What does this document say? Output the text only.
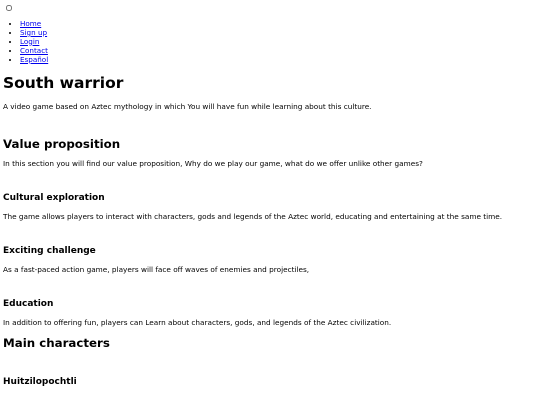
• Home
• Sign up
• Login
• Contact
• Español
South warrior

A video game based on Aztec mythology in which You will have fun while learning about this culture.

Value proposition

In this section you will find our value proposition, Why do we play our game, what do we offer unlike other games?

Cultural exploration

The game allows players to interact with characters, gods and legends of the Aztec world, educating and entertaining at the same time.

Exciting challenge

As a fast-paced action game, players will face off waves of enemies and projectiles,

Education

In addition to offering fun, players can Learn about characters, gods, and legends of the Aztec civilization.

Main characters
Huitzilopochtli
